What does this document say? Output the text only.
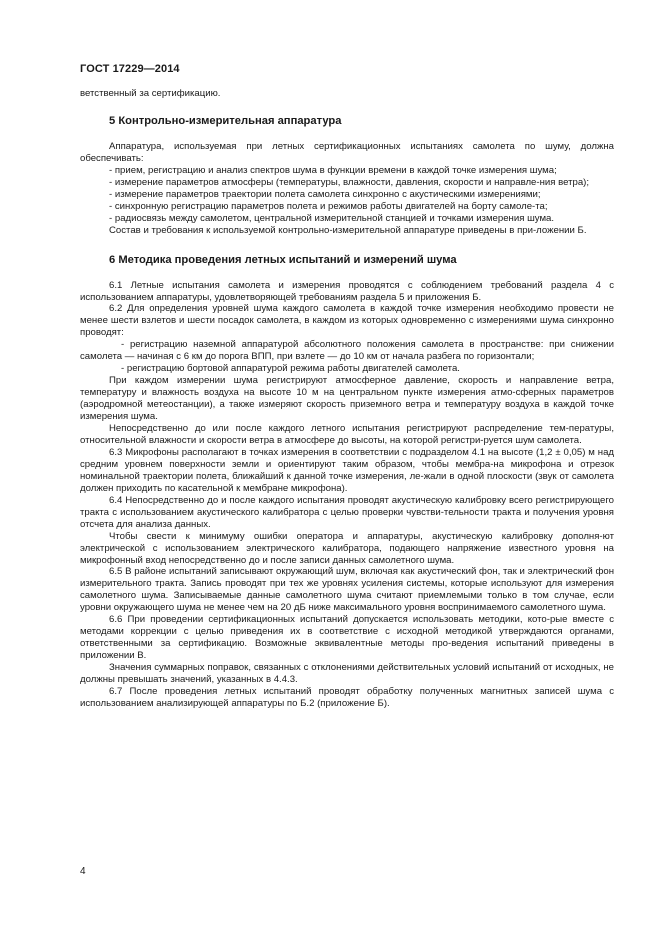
ГОСТ 17229—2014

ветственный за сертификацию.

5 Контрольно-измерительная аппаратура

Аппаратура, используемая при летных сертификационных испытаниях самолета по шуму, должна обеспечивать:

- прием, регистрацию и анализ спектров шума в функции времени в каждой точке измерения шума;

- измерение параметров атмосферы (температуры, влажности, давления, скорости и направле-ния ветра);

- измерение параметров траектории полета самолета синхронно с акустическими измерениями;

- синхронную регистрацию параметров полета и режимов работы двигателей на борту самоле-та;

- радиосвязь между самолетом, центральной измерительной станцией и точками измерения шума.

Состав и требования к используемой контрольно-измерительной аппаратуре приведены в при-ложении Б.

6 Методика проведения летных испытаний и измерений шума

6.1 Летные испытания самолета и измерения проводятся с соблюдением требований раздела 4 с использованием аппаратуры, удовлетворяющей требованиям раздела 5 и приложения Б.

6.2 Для определения уровней шума каждого самолета в каждой точке измерения необходимо провести не менее шести взлетов и шести посадок самолета, в каждом из которых одновременно с измерениями шума синхронно проводят:

- регистрацию наземной аппаратурой абсолютного положения самолета в пространстве: при снижении самолета — начиная с 6 км до порога ВПП, при взлете — до 10 км от начала разбега по горизонтали;

- регистрацию бортовой аппаратурой режима работы двигателей самолета.

При каждом измерении шума регистрируют атмосферное давление, скорость и направление ветра, температуру и влажность воздуха на высоте 10 м на центральном пункте измерения атмо-сферных параметров (аэродромной метеостанции), а также измеряют скорость приземного ветра и температуру воздуха в каждой точке измерения шума.

Непосредственно до или после каждого летного испытания регистрируют распределение тем-пературы, относительной влажности и скорости ветра в атмосфере до высоты, на которой регистри-руется шум самолета.

6.3 Микрофоны располагают в точках измерения в соответствии с подразделом 4.1 на высоте (1,2 ± 0,05) м над средним уровнем поверхности земли и ориентируют таким образом, чтобы мембра-на микрофона и отрезок номинальной траектории полета, ближайший к данной точке измерения, ле-жали в одной плоскости (звук от самолета должен приходить по касательной к мембране микрофона).

6.4 Непосредственно до и после каждого испытания проводят акустическую калибровку всего регистрирующего тракта с использованием акустического калибратора с целью проверки чувстви-тельности тракта и получения уровня отсчета для анализа данных.

Чтобы свести к минимуму ошибки оператора и аппаратуры, акустическую калибровку дополня-ют электрической с использованием электрического калибратора, подающего напряжение известного уровня на микрофонный вход непосредственно до и после записи данных самолетного шума.

6.5 В районе испытаний записывают окружающий шум, включая как акустический фон, так и электрический фон измерительного тракта. Запись проводят при тех же уровнях усиления системы, которые используют для измерения самолетного шума. Записываемые данные самолетного шума считают приемлемыми только в том случае, если уровни окружающего шума не менее чем на 20 дБ ниже максимального уровня воспринимаемого самолетного шума.

6.6 При проведении сертификационных испытаний допускается использовать методики, кото-рые вместе с методами коррекции с целью приведения их в соответствие с исходной методикой утверждаются органами, ответственными за сертификацию. Возможные эквивалентные методы про-ведения испытаний приведены в приложении В.

Значения суммарных поправок, связанных с отклонениями действительных условий испытаний от исходных, не должны превышать значений, указанных в 4.4.3.

6.7 После проведения летных испытаний проводят обработку полученных магнитных записей шума с использованием анализирующей аппаратуры по Б.2 (приложение Б).

4
